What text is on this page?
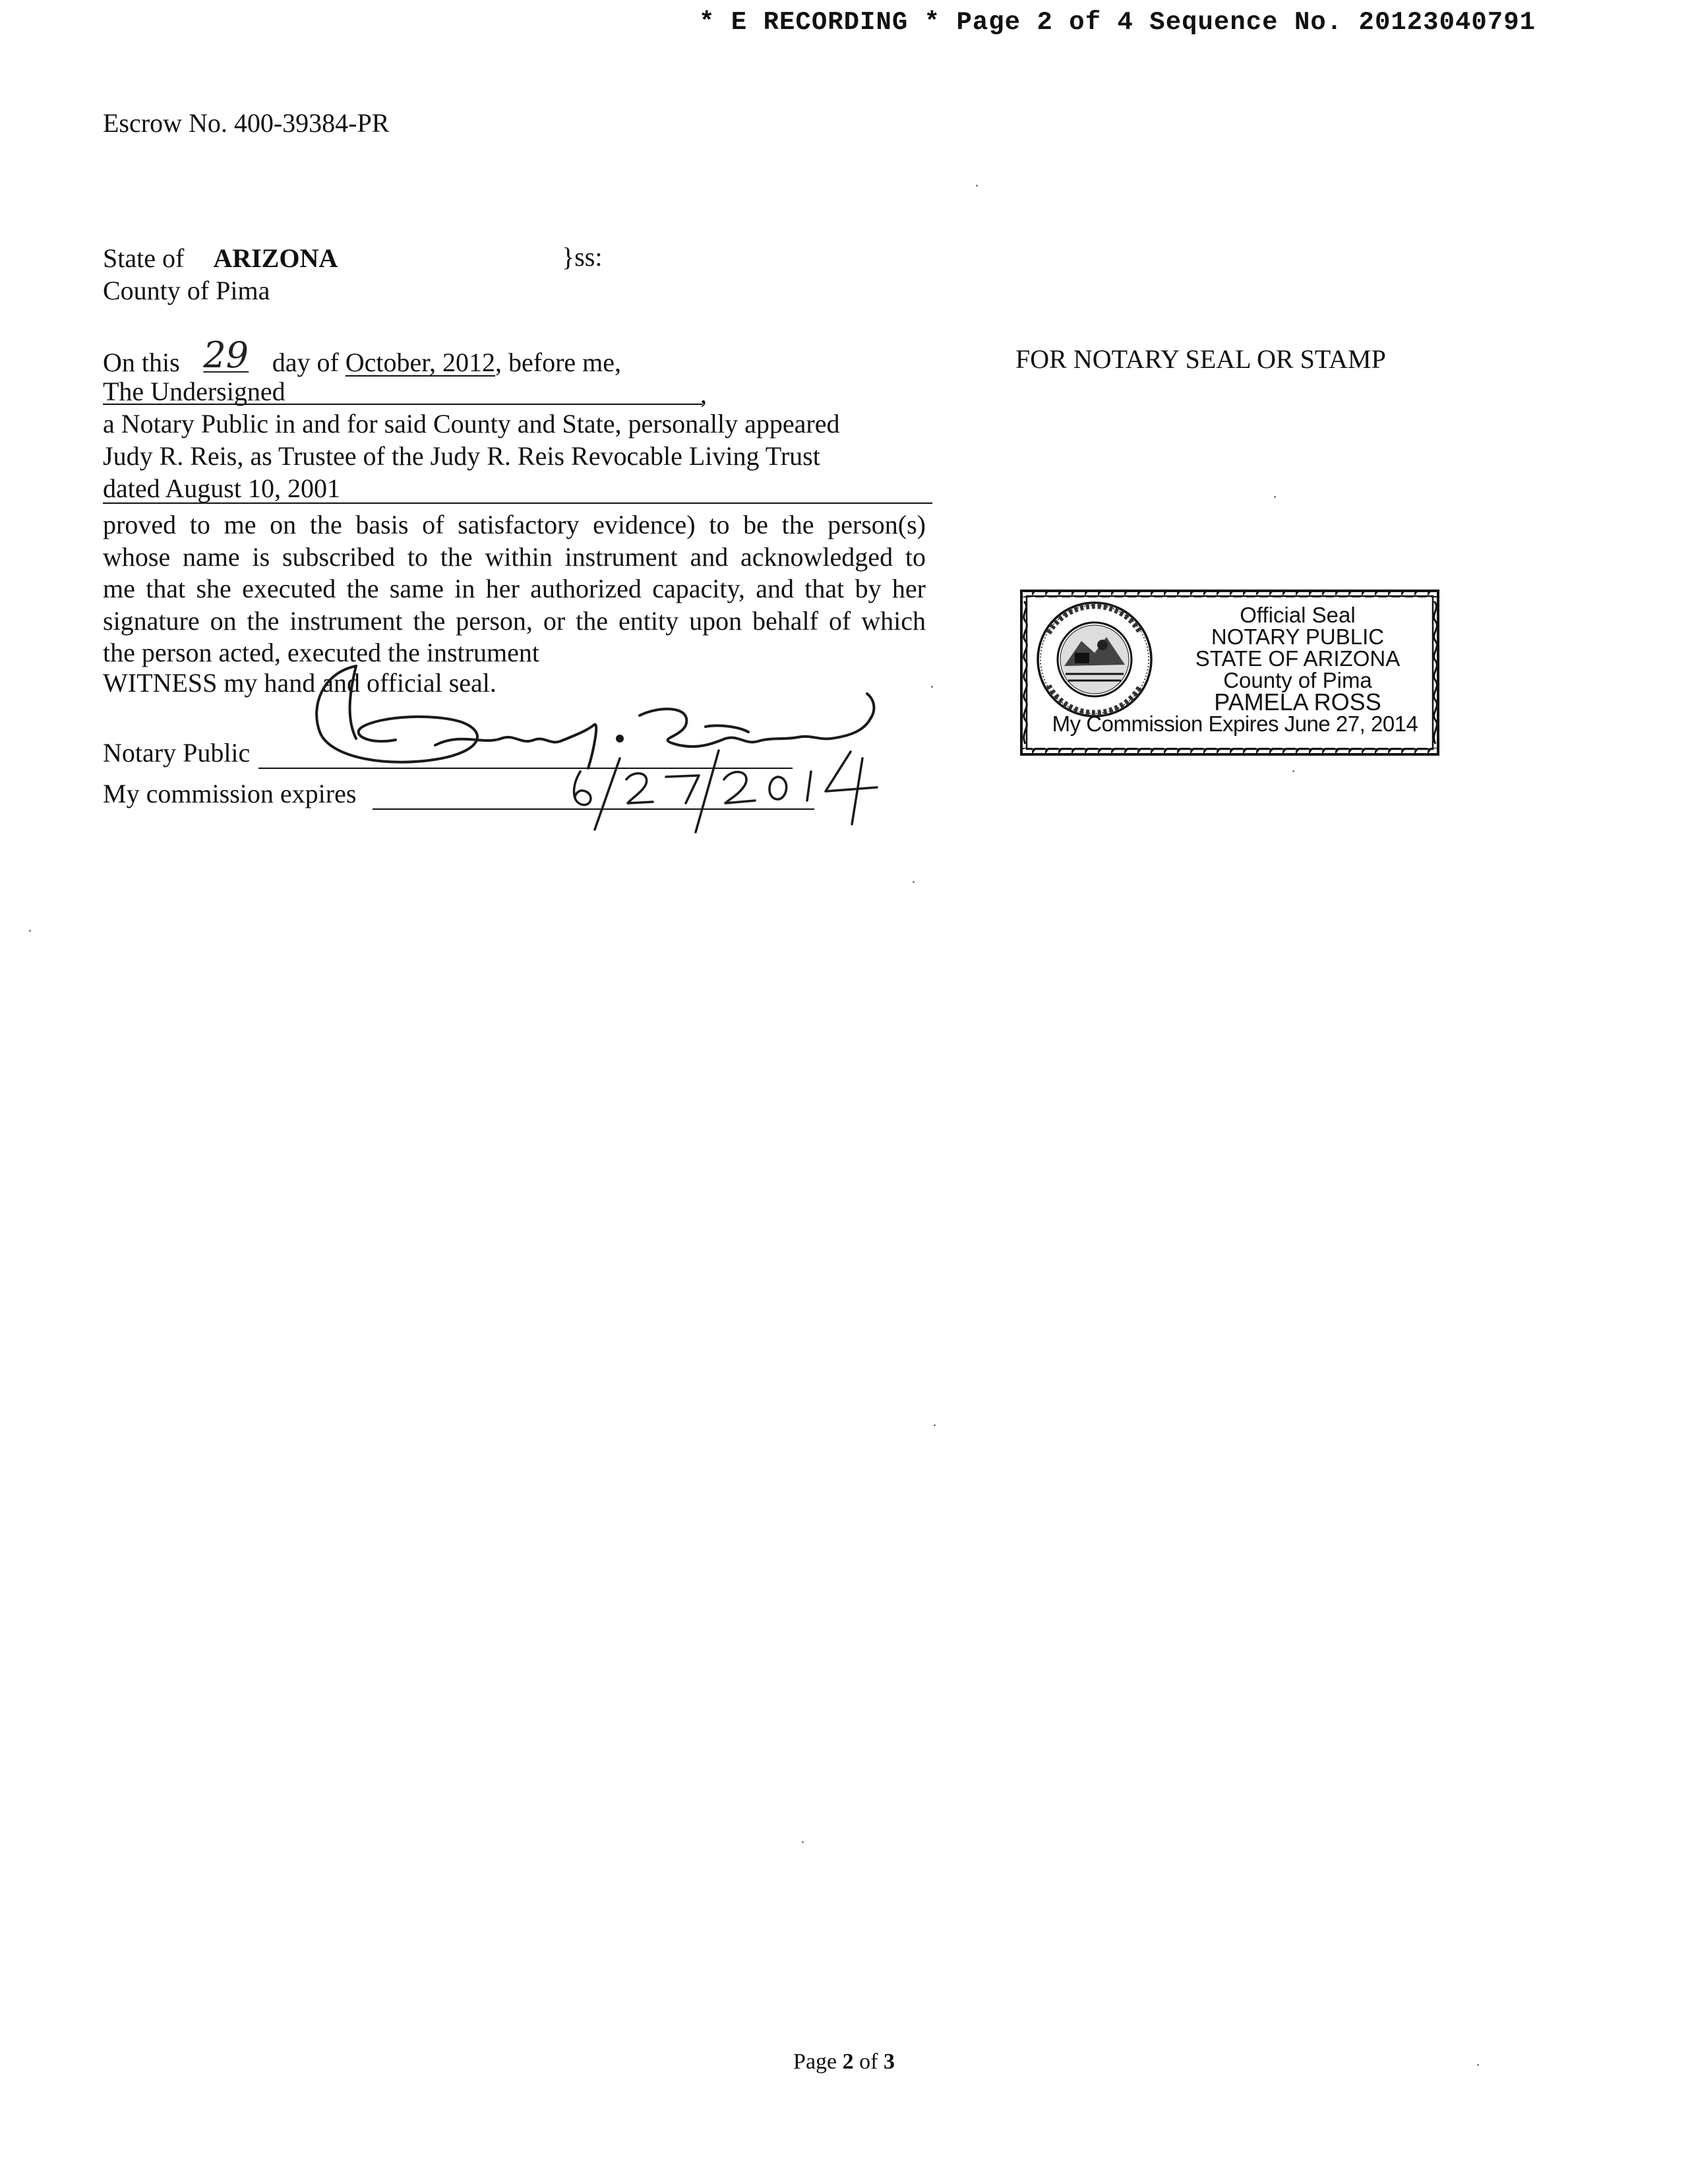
* E RECORDING * Page 2 of 4 Sequence No. 20123040791
Escrow No. 400-39384-PR
State of ARIZONA	}ss:
County of Pima
On this 29 day of October, 2012, before me,
The Undersigned	,
a Notary Public in and for said County and State, personally appeared
Judy R. Reis, as Trustee of the Judy R. Reis Revocable Living Trust
dated August 10, 2001
proved to me on the basis of satisfactory evidence) to be the person(s)
whose name is subscribed to the within instrument and acknowledged to
me that she executed the same in her authorized capacity, and that by her
signature on the instrument the person, or the entity upon behalf of which
the person acted, executed the instrument
WITNESS my hand and official seal.
Notary Public
My commission expires
FOR NOTARY SEAL OR STAMP
Official Seal
NOTARY PUBLIC
STATE OF ARIZONA
County of Pima
PAMELA ROSS
My Commission Expires June 27, 2014
Page 2 of 3
